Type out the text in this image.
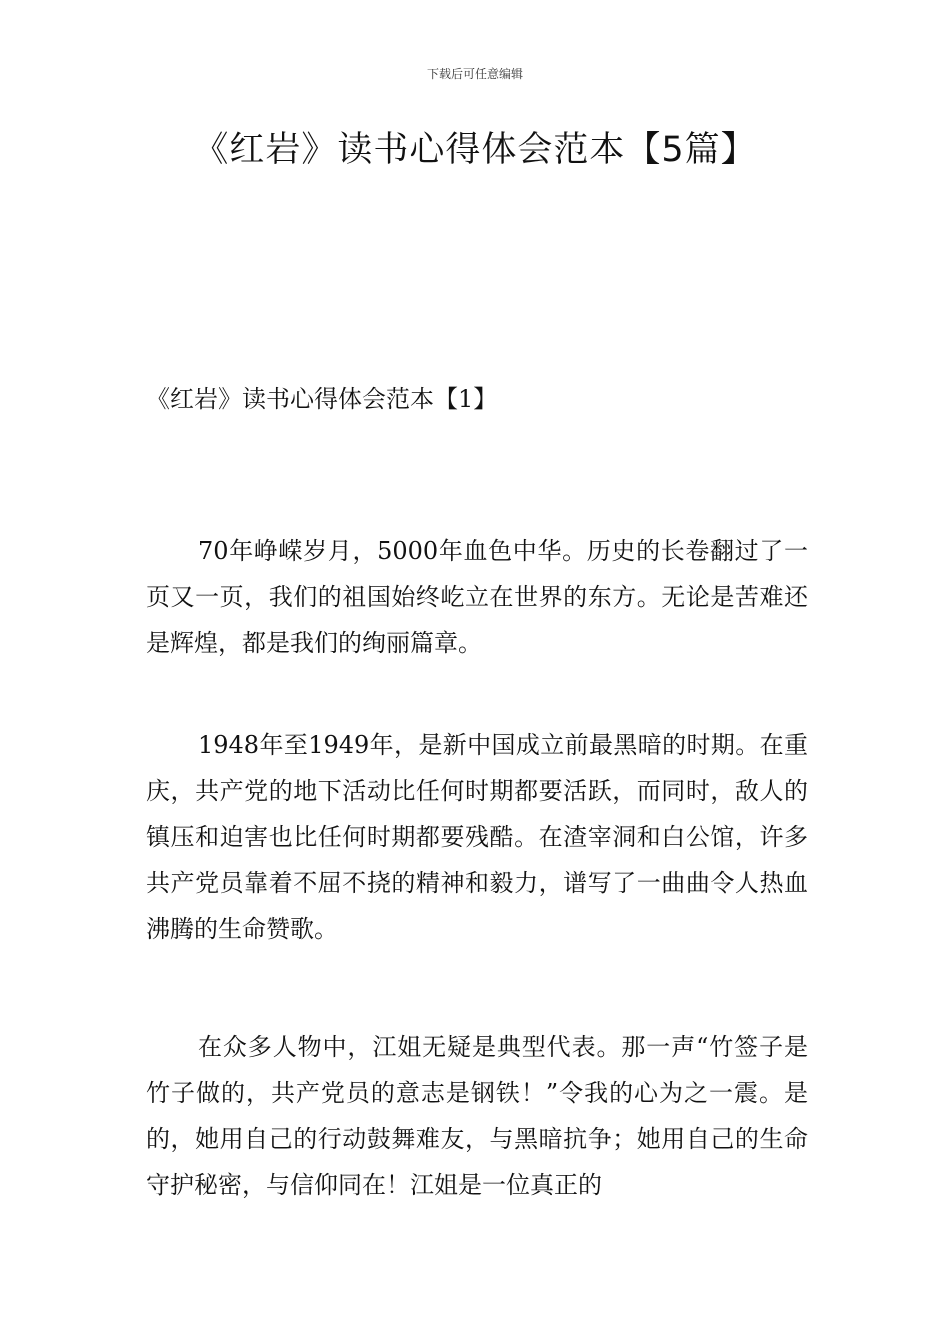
下载后可任意编辑
《红岩》读书心得体会范本【5篇】
《红岩》读书心得体会范本【1】

70年峥嵘岁月，5000年血色中华。历史的长卷翻过了一页又一页，我们的祖国始终屹立在世界的东方。无论是苦难还是辉煌，都是我们的绚丽篇章。

1948年至1949年，是新中国成立前最黑暗的时期。在重庆，共产党的地下活动比任何时期都要活跃，而同时，敌人的镇压和迫害也比任何时期都要残酷。在渣宰洞和白公馆，许多共产党员靠着不屈不挠的精神和毅力，谱写了一曲曲令人热血沸腾的生命赞歌。

在众多人物中，江姐无疑是典型代表。那一声“竹签子是竹子做的，共产党员的意志是钢铁！”令我的心为之一震。是的，她用自己的行动鼓舞难友，与黑暗抗争；她用自己的生命守护秘密，与信仰同在！江姐是一位真正的
